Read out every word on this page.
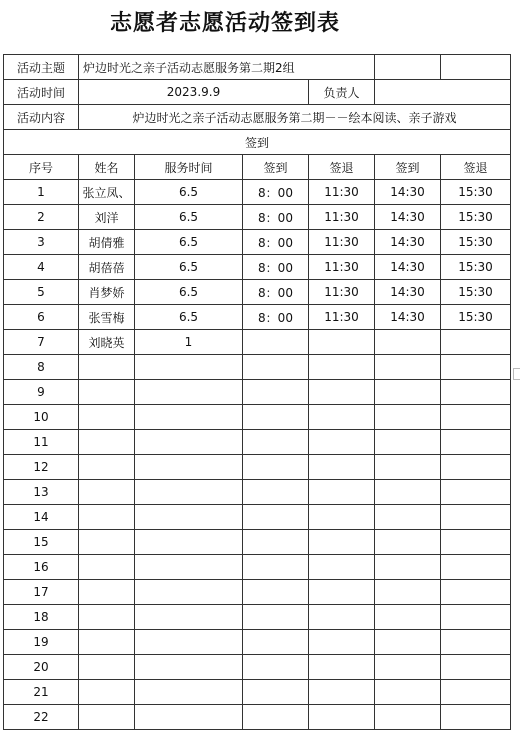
志愿者志愿活动签到表
活动主题	炉边时光之亲子活动志愿服务第二期2组					
活动时间	2023.9.9			负责人		
活动内容	炉边时光之亲子活动志愿服务第二期－－绘本阅读、亲子游戏					
签到						
序号	姓名	服务时间	签到	签退	签到	签退
1	张立凤、	6.5	8：00	11:30	14:30	15:30
2	刘洋	6.5	8：00	11:30	14:30	15:30
3	胡倩雅	6.5	8：00	11:30	14:30	15:30
4	胡蓓蓓	6.5	8：00	11:30	14:30	15:30
5	肖梦娇	6.5	8：00	11:30	14:30	15:30
6	张雪梅	6.5	8：00	11:30	14:30	15:30
7	刘晓英	1				
8						
9						
10						
11						
12						
13						
14						
15						
16						
17						
18						
19						
20						
21						
22						
